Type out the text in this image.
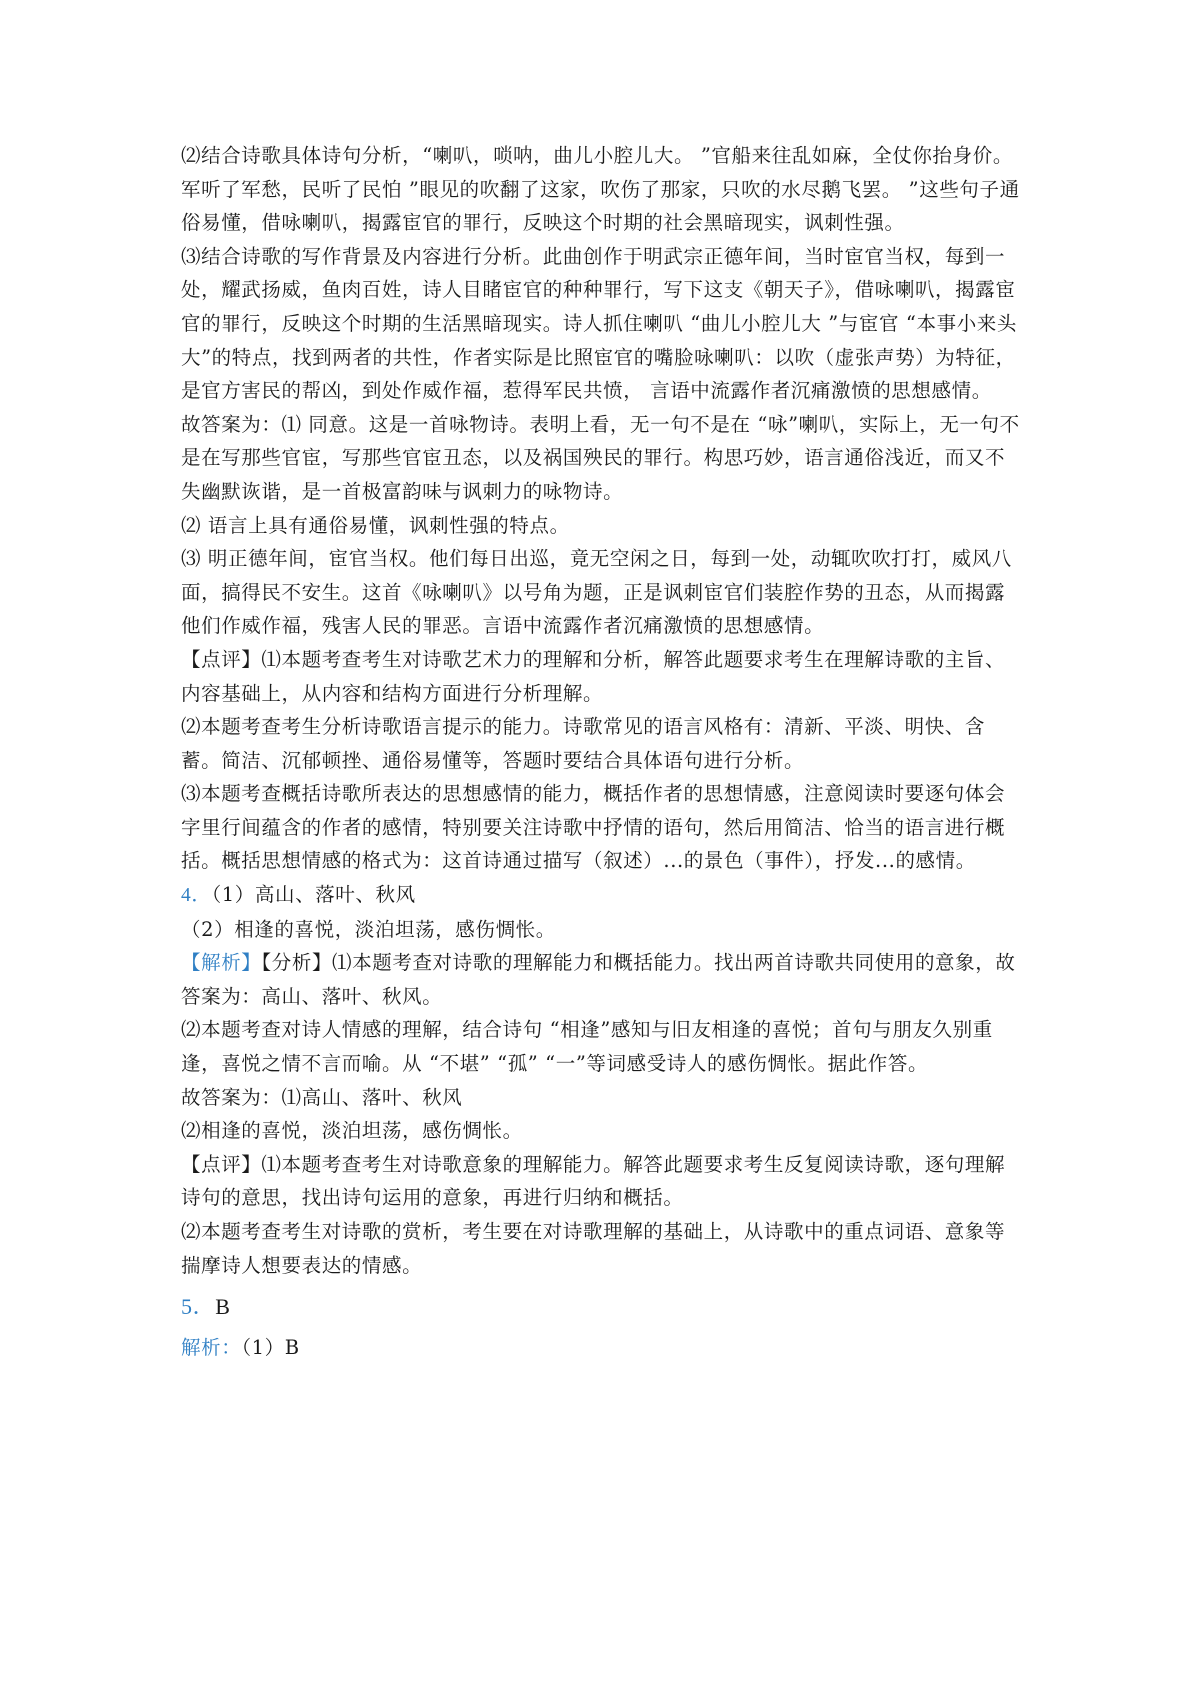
⑵结合诗歌具体诗句分析，“喇叭，唢呐，曲儿小腔儿大。 ”官船来往乱如麻，全仗你抬身价。军听了军愁，民听了民怕 ”眼见的吹翻了这家，吹伤了那家，只吹的水尽鹅飞罢。 ”这些句子通俗易懂，借咏喇叭，揭露宦官的罪行，反映这个时期的社会黑暗现实，讽刺性强。

⑶结合诗歌的写作背景及内容进行分析。此曲创作于明武宗正德年间，当时宦官当权，每到一处，耀武扬威，鱼肉百姓，诗人目睹宦官的种种罪行，写下这支《朝天子》，借咏喇叭，揭露宦官的罪行，反映这个时期的生活黑暗现实。诗人抓住喇叭 “曲儿小腔儿大 ”与宦官 “本事小来头大”的特点，找到两者的共性，作者实际是比照宦官的嘴脸咏喇叭：以吹（虚张声势）为特征，是官方害民的帮凶，到处作威作福，惹得军民共愤， 言语中流露作者沉痛激愤的思想感情。

故答案为：⑴ 同意。这是一首咏物诗。表明上看，无一句不是在 “咏”喇叭，实际上，无一句不是在写那些官宦，写那些官宦丑态，以及祸国殃民的罪行。构思巧妙，语言通俗浅近，而又不失幽默诙谐，是一首极富韵味与讽刺力的咏物诗。

⑵ 语言上具有通俗易懂，讽刺性强的特点。

⑶ 明正德年间，宦官当权。他们每日出巡，竟无空闲之日，每到一处，动辄吹吹打打，威风八面，搞得民不安生。这首《咏喇叭》以号角为题，正是讽刺宦官们装腔作势的丑态，从而揭露他们作威作福，残害人民的罪恶。言语中流露作者沉痛激愤的思想感情。

【点评】⑴本题考查考生对诗歌艺术力的理解和分析，解答此题要求考生在理解诗歌的主旨、内容基础上，从内容和结构方面进行分析理解。

⑵本题考查考生分析诗歌语言提示的能力。诗歌常见的语言风格有：清新、平淡、明快、含蓄。简洁、沉郁顿挫、通俗易懂等，答题时要结合具体语句进行分析。

⑶本题考查概括诗歌所表达的思想感情的能力，概括作者的思想情感，注意阅读时要逐句体会字里行间蕴含的作者的感情，特别要关注诗歌中抒情的语句，然后用简洁、恰当的语言进行概括。概括思想情感的格式为：这首诗通过描写（叙述）...的景色（事件），抒发...的感情。

4．（1）高山、落叶、秋风

（2）相逢的喜悦，淡泊坦荡，感伤惆怅。

【解析】【分析】⑴本题考查对诗歌的理解能力和概括能力。找出两首诗歌共同使用的意象，故答案为：高山、落叶、秋风。

⑵本题考查对诗人情感的理解，结合诗句 “相逢”感知与旧友相逢的喜悦；首句与朋友久别重逢，喜悦之情不言而喻。从 “不堪” “孤” “一”等词感受诗人的感伤惆怅。据此作答。

故答案为：⑴高山、落叶、秋风

⑵相逢的喜悦，淡泊坦荡，感伤惆怅。

【点评】⑴本题考查考生对诗歌意象的理解能力。解答此题要求考生反复阅读诗歌，逐句理解诗句的意思，找出诗句运用的意象，再进行归纳和概括。

⑵本题考查考生对诗歌的赏析，考生要在对诗歌理解的基础上，从诗歌中的重点词语、意象等揣摩诗人想要表达的情感。

5．B

解析：（1）B
